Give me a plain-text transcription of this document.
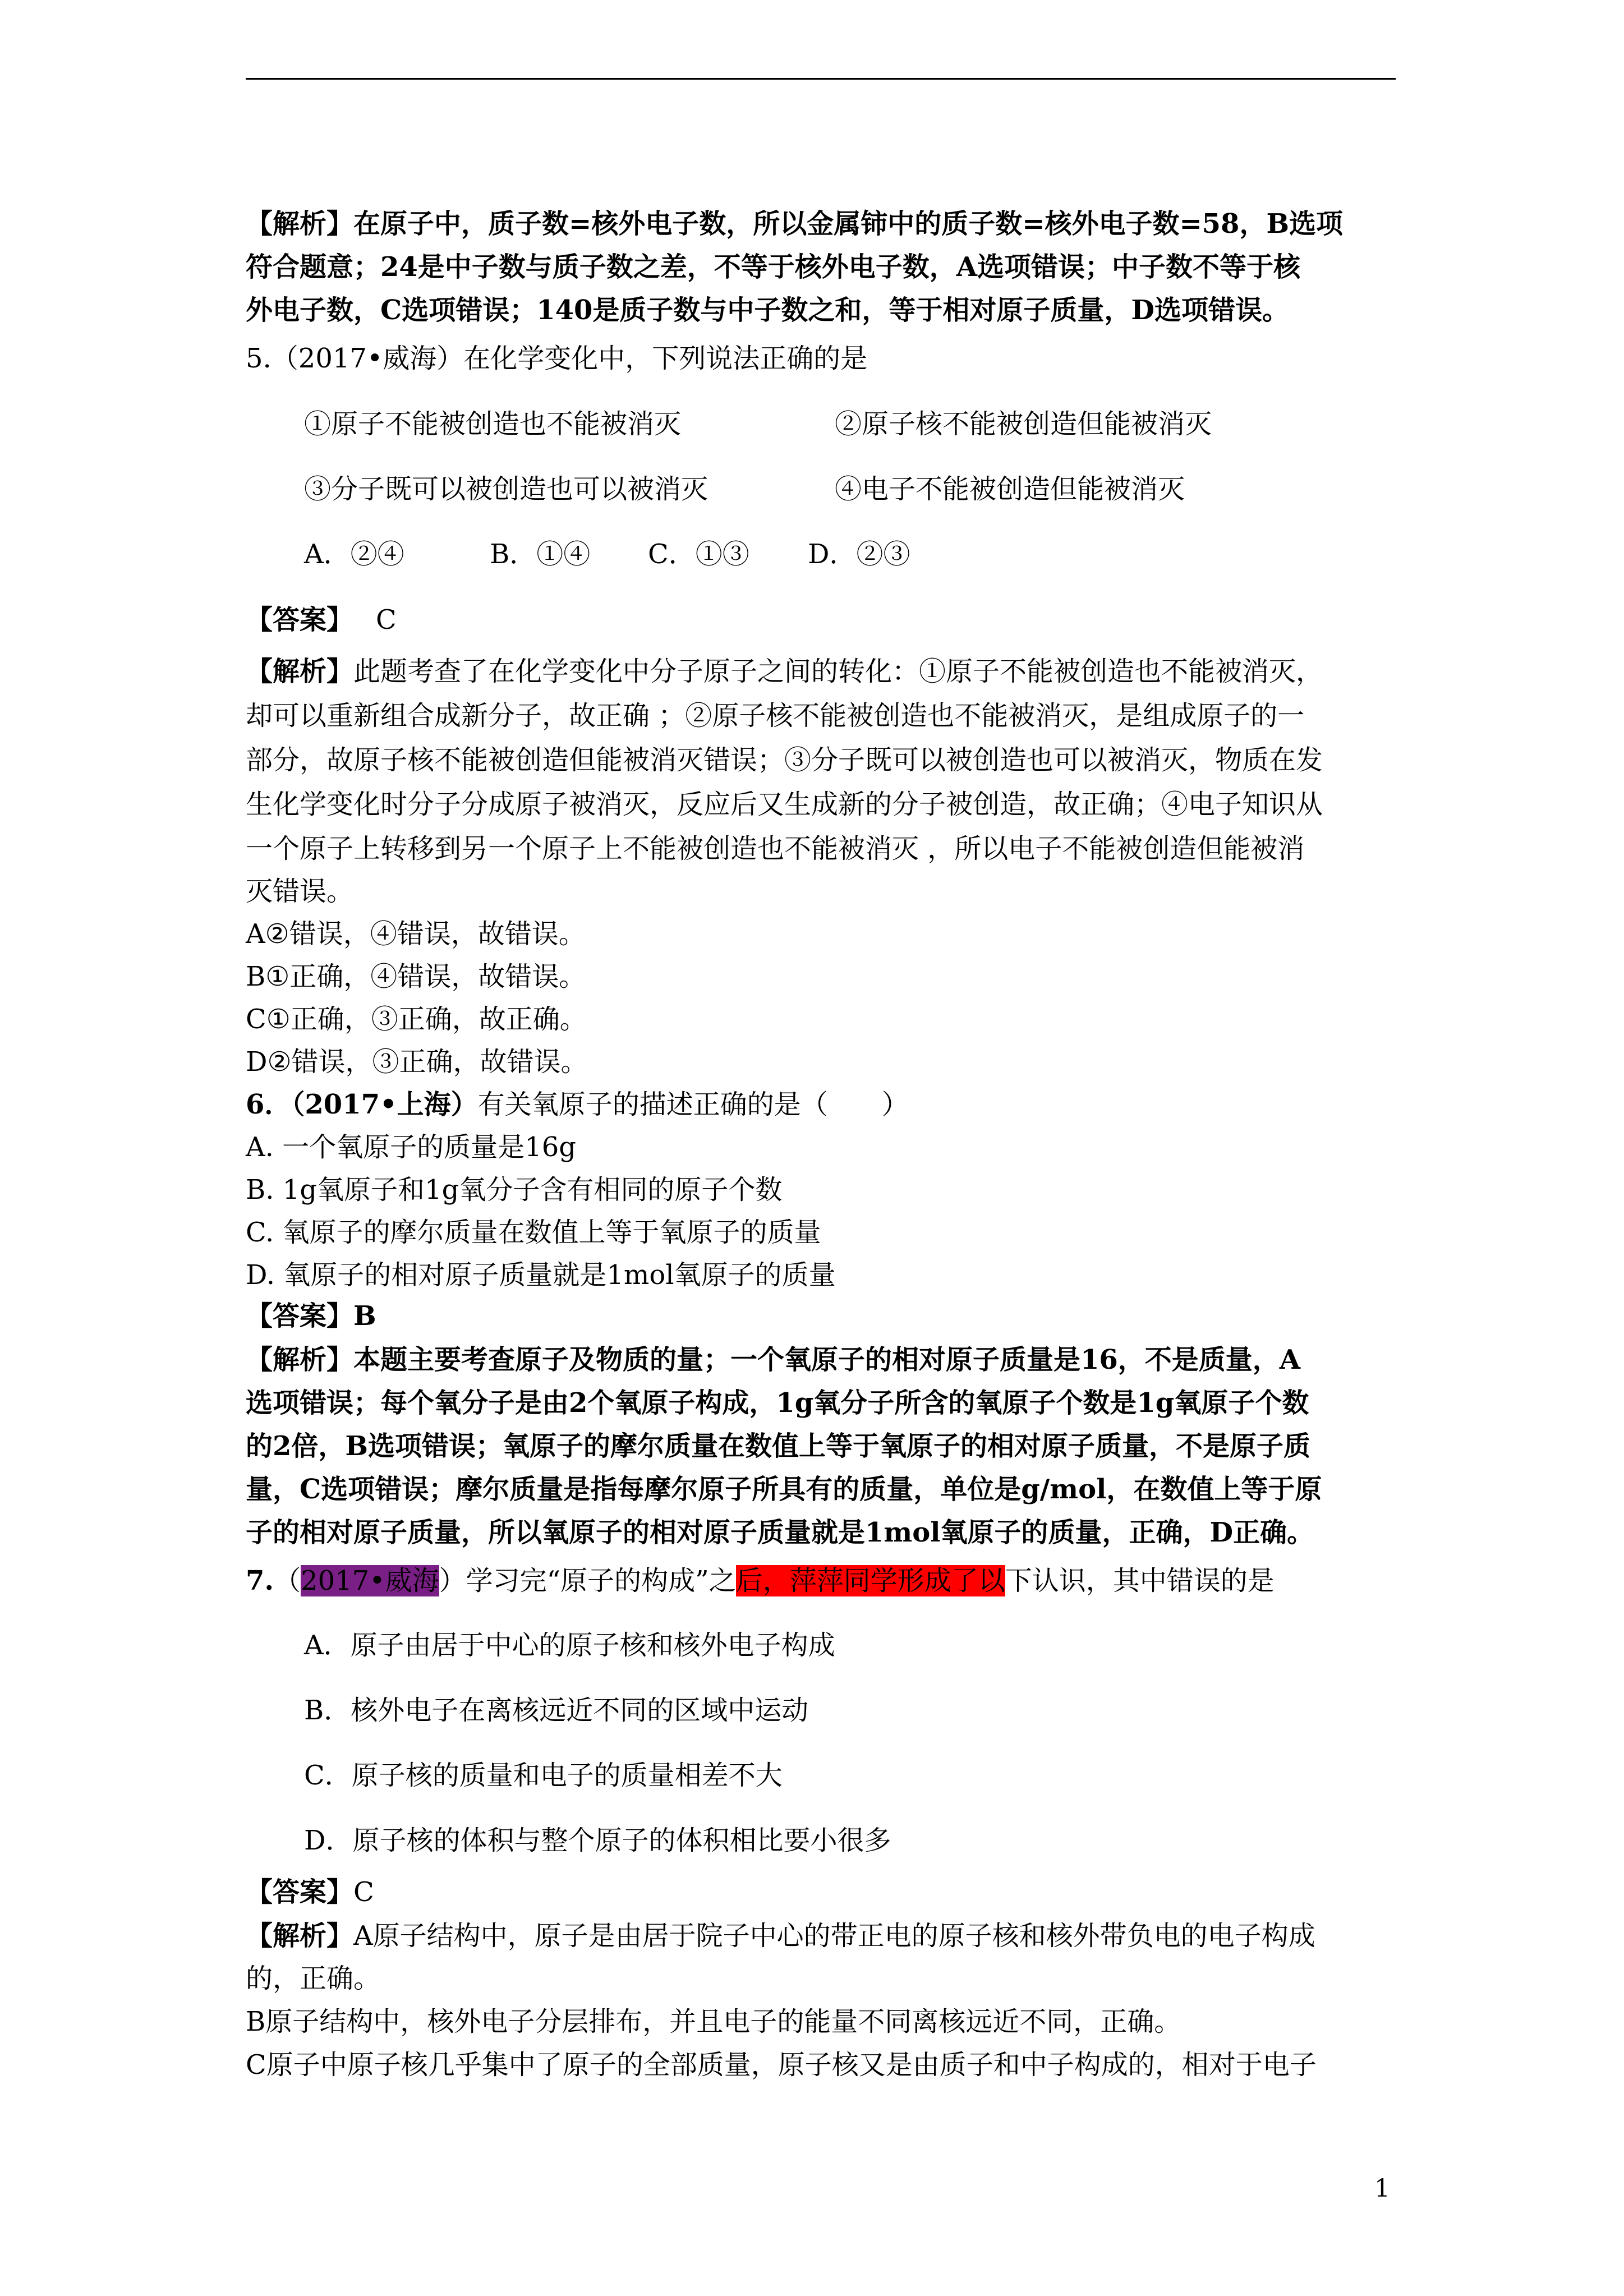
【解析】在原子中，质子数=核外电子数，所以金属铈中的质子数=核外电子数=58，B选项
符合题意；24是中子数与质子数之差，不等于核外电子数，A选项错误；中子数不等于核
外电子数，C选项错误；140是质子数与中子数之和，等于相对原子质量，D选项错误。
5.（2017•威海）在化学变化中，下列说法正确的是
①原子不能被创造也不能被消灭	②原子核不能被创造但能被消灭
③分子既可以被创造也可以被消灭	④电子不能被创造但能被消灭
A．②④	B．①④ C．①③ D．②③
【答案】 C
【解析】此题考查了在化学变化中分子原子之间的转化：①原子不能被创造也不能被消灭，
却可以重新组合成新分子，故正确 ；②原子核不能被创造也不能被消灭，是组成原子的一
部分，故原子核不能被创造但能被消灭错误；③分子既可以被创造也可以被消灭，物质在发
生化学变化时分子分成原子被消灭，反应后又生成新的分子被创造，故正确；④电子知识从
一个原子上转移到另一个原子上不能被创造也不能被消灭 ，所以电子不能被创造但能被消
灭错误。
A②错误，④错误，故错误。
B①正确，④错误，故错误。
C①正确，③正确，故正确。
D②错误，③正确，故错误。
6．（2017•上海）有关氧原子的描述正确的是（　　）
A. 一个氧原子的质量是16g
B. 1g氧原子和1g氧分子含有相同的原子个数
C. 氧原子的摩尔质量在数值上等于氧原子的质量
D. 氧原子的相对原子质量就是1mol氧原子的质量
【答案】B
【解析】本题主要考查原子及物质的量；一个氧原子的相对原子质量是16，不是质量，A
选项错误；每个氧分子是由2个氧原子构成，1g氧分子所含的氧原子个数是1g氧原子个数
的2倍，B选项错误；氧原子的摩尔质量在数值上等于氧原子的相对原子质量，不是原子质
量，C选项错误；摩尔质量是指每摩尔原子所具有的质量，单位是g/mol，在数值上等于原
子的相对原子质量，所以氧原子的相对原子质量就是1mol氧原子的质量，正确，D正确。
7.（2017•威海）学习完“原子的构成”之后，萍萍同学形成了以下认识，其中错误的是
A．原子由居于中心的原子核和核外电子构成
B．核外电子在离核远近不同的区域中运动
C．原子核的质量和电子的质量相差不大
D．原子核的体积与整个原子的体积相比要小很多
【答案】C
【解析】A原子结构中，原子是由居于院子中心的带正电的原子核和核外带负电的电子构成
的，正确。
B原子结构中，核外电子分层排布，并且电子的能量不同离核远近不同，正确。
C原子中原子核几乎集中了原子的全部质量，原子核又是由质子和中子构成的，相对于电子
1
